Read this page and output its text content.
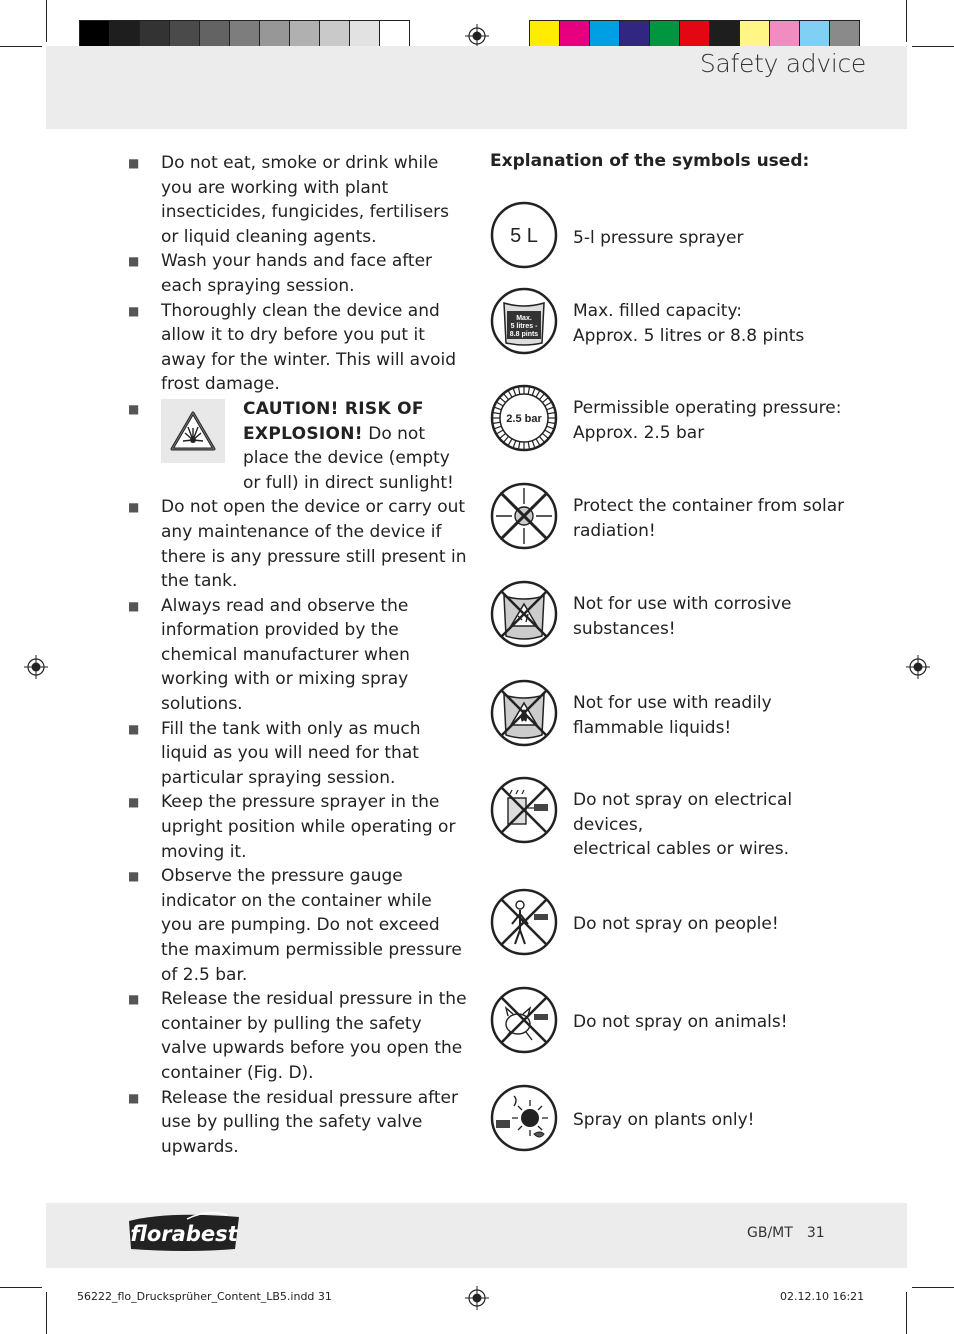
Safety advice
■ Do not eat, smoke or drink while you are working with plant insecticides, fungicides, fertilisers or liquid cleaning agents.
■ Wash your hands and face after each spraying session.
■ Thoroughly clean the device and allow it to dry before you put it away for the winter. This will avoid frost damage.
■	CAUTION! RISK OF EXPLOSION! Do not place the device (empty or full) in direct sunlight!
■ Do not open the device or carry out any maintenance of the device if there is any pressure still present in the tank.
■ Always read and observe the information provided by the chemical manufacturer when working with or mixing spray solutions.
■ Fill the tank with only as much liquid as you will need for that particular spraying session.
■ Keep the pressure sprayer in the upright position while operating or moving it.
■ Observe the pressure gauge indicator on the container while you are pumping. Do not exceed the maximum permissible pressure of 2.5 bar.
■ Release the residual pressure in the container by pulling the safety valve upwards before you open the container (Fig. D).
■ Release the residual pressure after use by pulling the safety valve upwards.
Explanation of the symbols used:
5 L 5-l pressure sprayer
Max.
5 litres -
8.8 pints
Max. filled capacity:
Approx. 5 litres or 8.8 pints
2.5 bar
Permissible operating pressure:
Approx. 2.5 bar
Protect the container from solar
radiation!
Not for use with corrosive
substances!
Not for use with readily
flammable liquids!
Do not spray on electrical devices,
electrical cables or wires.
Do not spray on people!
Do not spray on animals!
Spray on plants only!
florabest	GB/MT 31
56222_flo_Drucksprüher_Content_LB5.indd 31	02.12.10 16:21
